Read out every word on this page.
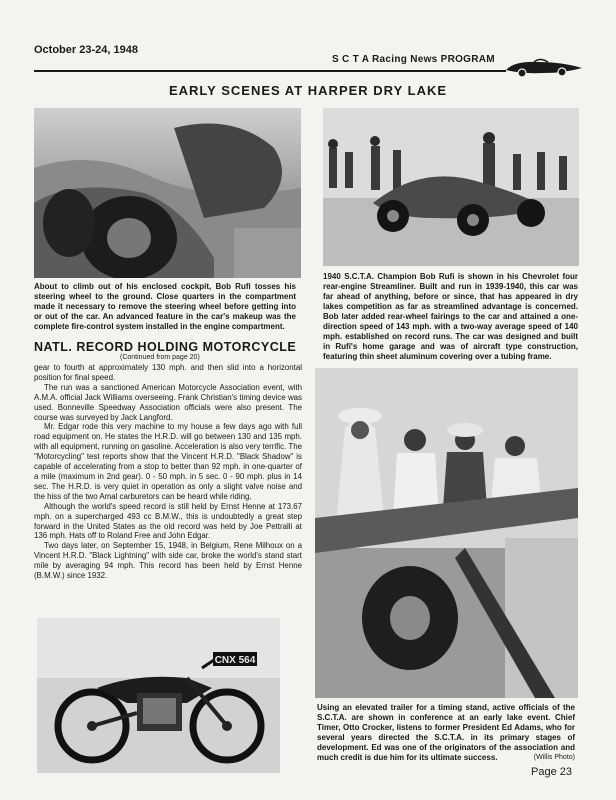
October 23-24, 1948
S C T A Racing News PROGRAM
EARLY SCENES AT HARPER DRY LAKE
CNX 564
About to climb out of his enclosed cockpit, Bob Rufi tosses his steering wheel to the ground. Close quarters in the compartment made it necessary to remove the steering wheel before getting into or out of the car. An advanced feature in the car's makeup was the complete fire-control system installed in the engine compartment.
1940 S.C.T.A. Champion Bob Rufi is shown in his Chevrolet four rear-engine Streamliner. Built and run in 1939-1940, this car was far ahead of anything, before or since, that has appeared in dry lakes competition as far as streamlined advantage is concerned. Bob later added rear-wheel fairings to the car and attained a one-direction speed of 143 mph. with a two-way average speed of 140 mph. established on record runs. The car was designed and built in Rufi's home garage and was of aircraft type construction, featuring thin sheet aluminum covering over a tubing frame.
Using an elevated trailer for a timing stand, active officials of the S.C.T.A. are shown in conference at an early lake event. Chief Timer, Otto Crocker, listens to former President Ed Adams, who for several years directed the S.C.T.A. in its primary stages of development. Ed was one of the originators of the association and much credit is due him for its ultimate success.	(Willis Photo)
NATL. RECORD HOLDING MOTORCYCLE
(Continued from page 20)

gear to fourth at approximately 130 mph. and then slid into a horizontal position for final speed.

The run was a sanctioned American Motorcycle Association event, with A.M.A. official Jack Williams overseeing. Frank Christian's timing device was used. Bonneville Speedway Association officials were also present. The course was surveyed by Jack Langford.

Mr. Edgar rode this very machine to my house a few days ago with full road equipment on. He states the H.R.D. will go between 130 and 135 mph. with all equipment, running on gasoline. Acceleration is also very terrific. The "Motorcycling" test reports show that the Vincent H.R.D. "Black Shadow" is capable of accelerating from a stop to better than 92 mph. in one-quarter of a mile (maximum in 2nd gear). 0 - 50 mph. in 5 sec. 0 - 90 mph. plus in 14 sec. The H.R.D. is very quiet in operation as only a slight valve noise and the hiss of the two Amal carburetors can be heard while riding.

Although the world's speed record is still held by Ernst Henne at 173.67 mph. on a supercharged 493 cc B.M.W., this is undoubtedly a great step forward in the United States as the old record was held by Joe Pettralli at 136 mph. Hats off to Roland Free and John Edgar.

Two days later, on September 15, 1948, in Belgium, Rene Milhoux on a Vincent H.R.D. "Black Lightning" with side car, broke the world's stand start mile by averaging 94 mph. This record has been held by Ernst Henne (B.M.W.) since 1932.

Page 23
